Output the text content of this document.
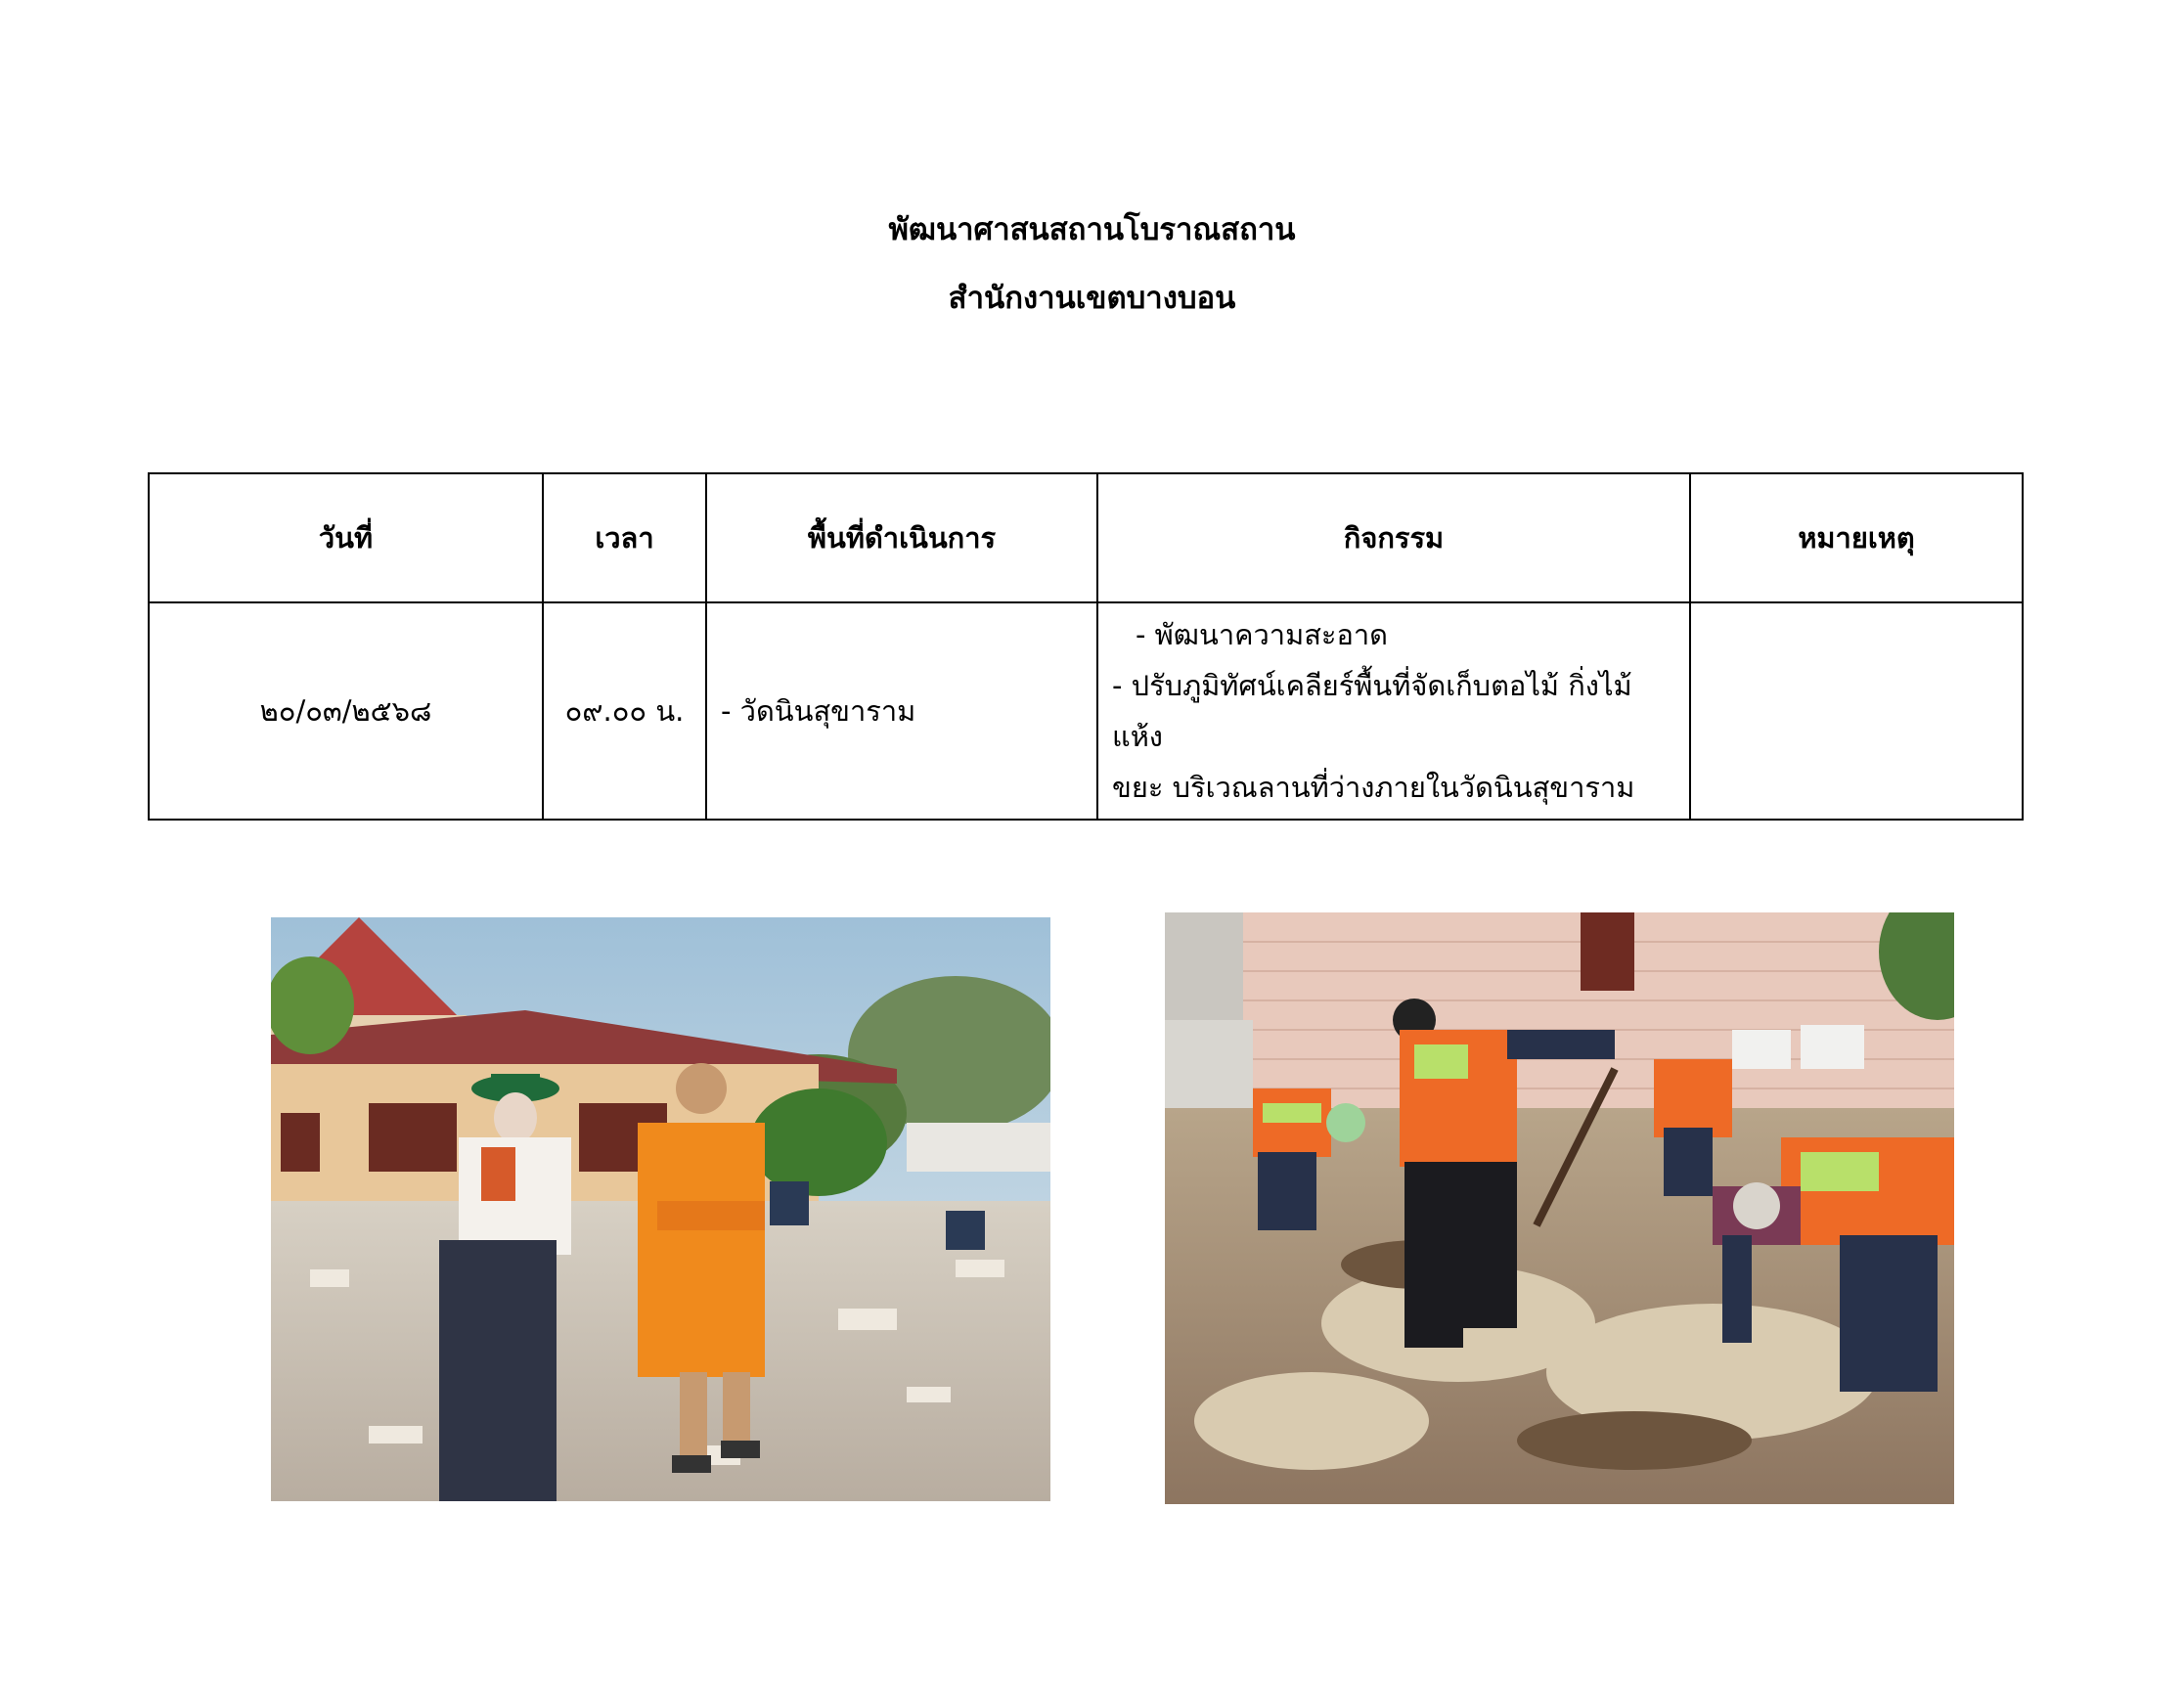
พัฒนาศาสนสถานโบราณสถาน
สำนักงานเขตบางบอน
วันที่	เวลา	พื้นที่ดำเนินการ	กิจกรรม	หมายเหตุ
๒๐/๐๓/๒๕๖๘	๐๙.๐๐ น.	- วัดนินสุขาราม	- พัฒนาความสะอาด
- ปรับภูมิทัศน์เคลียร์พื้นที่จัดเก็บตอไม้ กิ่งไม้แห้ง
ขยะ บริเวณลานที่ว่างภายในวัดนินสุขาราม	
